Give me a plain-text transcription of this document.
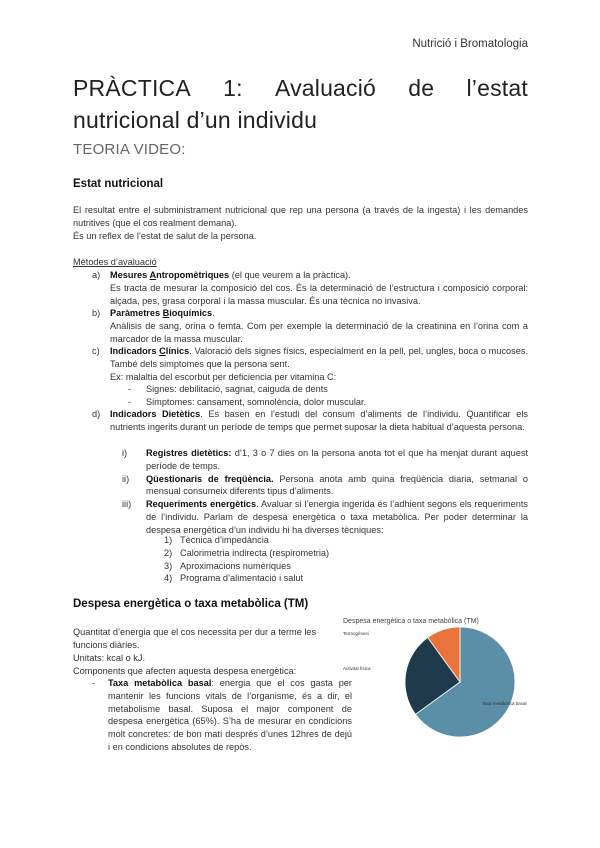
Nutrició i Bromatologia
PRÀCTICA 1: Avaluació de l’estat
nutricional d’un individu
TEORIA VIDEO:
Estat nutricional
El resultat entre el subministrament nutricional que rep una persona (a través de la ingesta) i les demandes nutritives (que el cos realment demana).
És un reflex de l’estat de salut de la persona.
Mètodes d’avaluació
a) Mesures Antropomètriques (el que veurem a la pràctica).
Es tracta de mesurar la composició del cos. És la determinació de l’estructura i composició corporal: alçada, pes, grasa corporal i la massa muscular. És una tècnica no invasiva.
b) Paràmetres Bioquímics.
Anàlisis de sang, orina o femta. Com per exemple la determinació de la creatinina en l’orina com a marcador de la massa muscular.
c) Indicadors Clínics. Valoració dels signes físics, especialment en la pell, pel, ungles, boca o mucoses. També dels simptomes que la persona sent.
Ex: malaltia del escorbut per deficiencia per vitamina C:
- Signes: debilitació, sagnat, caiguda de dents
- Simptomes: cansament, somnolència, dolor muscular.
d) Indicadors Dietètics. Es basen en l’estudi del consum d’aliments de l’individu. Quantificar els nutrients ingerits durant un període de temps que permet suposar la dieta habitual d’aquesta persona.
i) Registres dietètics: d’1, 3 o 7 dies on la persona anota tot el que ha menjat durant aquest període de temps.
ii) Qüestionaris de freqüència. Persona anota amb quina freqüència diaria, setmanal o mensual consumeix diferents tipus d’aliments.
iii) Requeriments energètics. Avaluar si l’energia ingerida és l’adhient segons els requeriments de l’individu. Parlam de despesa energètica o taxa metabòlica. Per poder determinar la despesa energètica d’un individu hi ha diverses tècniques:
1) Tècnica d’impedància
2) Calorimetria indirecta (respirometria)
3) Aproximacions numèriques
4) Programa d’alimentació i salut
Despesa energètica o taxa metabòlica (TM)
Quantitat d’energia que el cos necessita per dur a terme les funcions diàries.
Unitats: kcal o kJ.
Components que afecten aquesta despesa energètica:
- Taxa metabòlica basal: energia que el cos gasta per mantenir les funcions vitals de l’organisme, és a dir, el metabolisme basal. Suposa el major component de despesa energètica (65%). S’ha de mesurar en condicions molt concretes: de bon matí després d’unes 12hres de dejú i en condicions absolutes de repòs.
Despesa energètica o taxa metabòlica (TM)
Termogènesi
Activitat física
Taxa metabòlica basal
